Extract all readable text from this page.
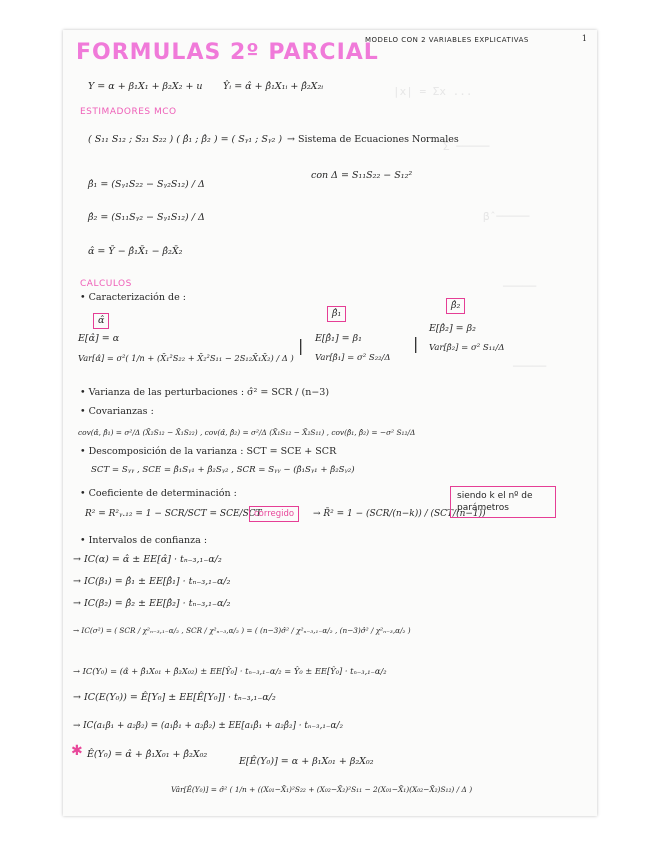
|x| = Σx ...
Σ ─────
β̂ ─────
─────
─────
FORMULAS 2º PARCIAL
MODELO CON 2 VARIABLES EXPLICATIVAS	1
Y = α + β₁X₁ + β₂X₂ + u Ŷᵢ = α̂ + β̂₁X₁ᵢ + β̂₂X₂ᵢ
ESTIMADORES MCO
( S₁₁ S₁₂ ; S₂₁ S₂₂ ) ( β̂₁ ; β̂₂ ) = ( Sᵧ₁ ; Sᵧ₂ ) → Sistema de Ecuaciones Normales
β̂₁ = (Sᵧ₁S₂₂ − Sᵧ₂S₁₂) / Δ
con Δ = S₁₁S₂₂ − S₁₂²
β̂₂ = (S₁₁Sᵧ₂ − Sᵧ₁S₁₂) / Δ
α̂ = Ȳ − β̂₁X̄₁ − β̂₂X̄₂
CALCULOS
• Caracterización de :
α̂
β̂₁
β̂₂
E[α̂] = α
Var[α̂] = σ²( 1/n + (X̄₁²S₂₂ + X̄₂²S₁₁ − 2S₁₂X̄₁X̄₂) / Δ )
| E[β̂₁] = β₁
Var[β̂₁] = σ² S₂₂/Δ
|
E[β̂₂] = β₂
Var[β̂₂] = σ² S₁₁/Δ
• Varianza de las perturbaciones : σ̂² = SCR / (n−3)
• Covarianzas :
cov(α̂, β̂₁) = σ²/Δ (X̄₂S₁₂ − X̄₁S₂₂) , cov(α̂, β̂₂) = σ²/Δ (X̄₁S₁₂ − X̄₂S₁₁) , cov(β̂₁, β̂₂) = −σ² S₁₂/Δ
• Descomposición de la varianza : SCT = SCE + SCR
SCT = Sᵧᵧ , SCE = β̂₁Sᵧ₁ + β̂₂Sᵧ₂ , SCR = Sᵧᵧ − (β̂₁Sᵧ₁ + β̂₂Sᵧ₂)
• Coeficiente de determinación :
R² = R²ᵧ.₁₂ = 1 − SCR/SCT = SCE/SCT
corregido	→ R̄² = 1 − (SCR/(n−k)) / (SCT/(n−1))
siendo k el nº de parámetros
• Intervalos de confianza :
→ IC(α) = α̂ ± EE[α̂] · tₙ₋₃,₁₋α/₂
→ IC(β₁) = β̂₁ ± EE[β̂₁] · tₙ₋₃,₁₋α/₂
→ IC(β₂) = β̂₂ ± EE[β̂₂] · tₙ₋₃,₁₋α/₂
→ IC(σ²) = ( SCR / χ²ₙ₋₃,₁₋α/₂ , SCR / χ²ₙ₋₃,α/₂ ) = ( (n−3)σ̂² / χ²ₙ₋₃,₁₋α/₂ , (n−3)σ̂² / χ²ₙ₋₃,α/₂ )
→ IC(Y₀) = (α̂ + β̂₁X₀₁ + β̂₂X₀₂) ± EE[Ŷ₀] · tₙ₋₃,₁₋α/₂ = Ŷ₀ ± EE[Ŷ₀] · tₙ₋₃,₁₋α/₂
→ IC(E(Y₀)) = Ê[Y₀] ± EE[Ê[Y₀]] · tₙ₋₃,₁₋α/₂
→ IC(a₁β₁ + a₂β₂) = (a₁β̂₁ + a₂β̂₂) ± EE[a₁β̂₁ + a₂β̂₂] · tₙ₋₃,₁₋α/₂
✱ Ê(Y₀) = α̂ + β̂₁X₀₁ + β̂₂X₀₂
E[Ê(Y₀)] = α + β₁X₀₁ + β₂X₀₂
Vâr[Ê(Y₀)] = σ̂² ( 1/n + ((X₀₁−X̄₁)²S₂₂ + (X₀₂−X̄₂)²S₁₁ − 2(X₀₁−X̄₁)(X₀₂−X̄₂)S₁₂) / Δ )
